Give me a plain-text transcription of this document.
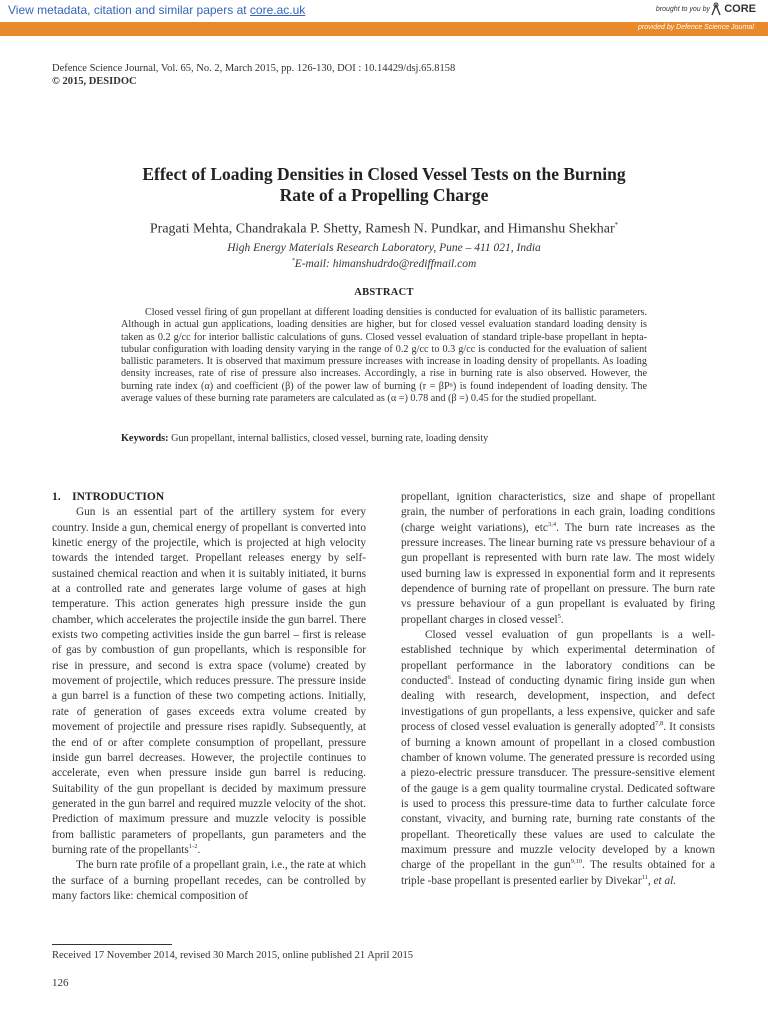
View metadata, citation and similar papers at core.ac.uk	brought to you by CORE
provided by Defence Science Journal
Defence Science Journal, Vol. 65, No. 2, March 2015, pp. 126-130, DOI : 10.14429/dsj.65.8158
© 2015, DESIDOC
Effect of Loading Densities in Closed Vessel Tests on the Burning
Rate of a Propelling Charge
Pragati Mehta, Chandrakala P. Shetty, Ramesh N. Pundkar, and Himanshu Shekhar*
High Energy Materials Research Laboratory, Pune – 411 021, India
*E-mail: himanshudrdo@rediffmail.com
ABSTRACT
Closed vessel firing of gun propellant at different loading densities is conducted for evaluation of its ballistic parameters. Although in actual gun applications, loading densities are higher, but for closed vessel evaluation standard loading density is taken as 0.2 g/cc for interior ballistic calculations of guns. Closed vessel evaluation of standard triple-base propellant in hepta-tubular configuration with loading density varying in the range of 0.2 g/cc to 0.3 g/cc is conducted for the evaluation of salient ballistic parameters. It is observed that maximum pressure increases with increase in loading density of propellants. As loading density increases, rate of rise of pressure also increases. Accordingly, a rise in burning rate is also observed. However, the burning rate index (α) and coefficient (β) of the power law of burning (r = βPᵅ) is found independent of loading density. The average values of these burning rate parameters are calculated as (α =) 0.78 and (β =) 0.45 for the studied propellant.
Keywords: Gun propellant, internal ballistics, closed vessel, burning rate, loading density
1.    INTRODUCTION

Gun is an essential part of the artillery system for every country. Inside a gun, chemical energy of propellant is converted into kinetic energy of the projectile, which is projected at high velocity towards the intended target. Propellant releases energy by self-sustained chemical reaction and when it is suitably initiated, it burns at a controlled rate and generates large volume of gases at high temperature. This action generates high pressure inside the gun chamber, which accelerates the projectile inside the gun barrel. There exists two competing activities inside the gun barrel – first is release of gas by combustion of gun propellants, which is responsible for rise in pressure, and second is extra space (volume) created by movement of projectile, which reduces pressure. The pressure inside a gun barrel is a function of these two competing actions. Initially, rate of generation of gases exceeds extra volume created by movement of projectile and pressure rises rapidly. Subsequently, at the end of or after complete consumption of propellant, pressure inside gun barrel decreases. However, the projectile continues to accelerate, even when pressure inside gun barrel is reducing. Suitability of the gun propellant is decided by maximum pressure generated in the gun barrel and required muzzle velocity of the shot. Prediction of maximum pressure and muzzle velocity is possible from ballistic parameters of propellants, gun parameters and the burning rate of the propellants$^{1-2}$.

The burn rate profile of a propellant grain, i.e., the rate at which the surface of a burning propellant recedes, can be controlled by many factors like: chemical composition of

propellant, ignition characteristics, size and shape of propellant grain, the number of perforations in each grain, loading conditions (charge weight variations), etc$^{3,4}$. The burn rate increases as the pressure increases. The linear burning rate vs pressure behaviour of a gun propellant is represented with burn rate law. The most widely used burning law is expressed in exponential form and it represents dependence of burning rate of propellant on pressure. The burn rate vs pressure behaviour of a gun propellant is evaluated by firing propellant charges in closed vessel$^5$.

Closed vessel evaluation of gun propellants is a well-established technique by which experimental determination of propellant performance in the laboratory conditions can be conducted$^6$. Instead of conducting dynamic firing inside gun when dealing with research, development, inspection, and defect investigations of gun propellants, a less expensive, quicker and safe process of closed vessel evaluation is generally adopted$^{7,8}$. It consists of burning a known amount of propellant in a closed combustion chamber of known volume. The generated pressure is recorded using a piezo-electric pressure transducer. The pressure-sensitive element of the gauge is a gem quality tourmaline crystal. Dedicated software is used to process this pressure-time data to further calculate force constant, vivacity, and burning rate, burning rate constants of the propellant. Theoretically these values are used to calculate the maximum pressure and muzzle velocity developed by a known charge of the propellant in the gun$^{9,10}$. The results obtained for a triple -base propellant is presented earlier by Divekar$^{11}$, et al.

Received 17 November 2014, revised 30 March 2015, online published 21 April 2015
126
